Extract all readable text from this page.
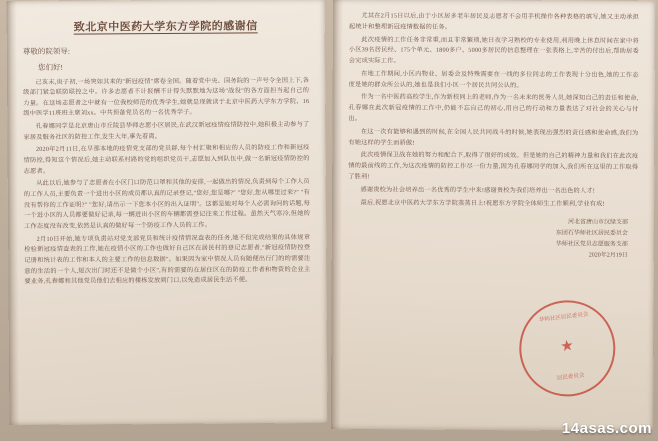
致北京中医药大学东方学院的感谢信
尊敬的院领导:
您们好!

己亥末,庚子初,一场突如其来的"新冠疫情"席卷全国。随着党中央、国务院的一声号令全国上下,各级部门紧急联防联控之中。许多志愿者不计报酬不计得失默默地为这场"战役"的各方面担当起自己的力量。在这场志愿者之中就有一位我校师范的优秀学生,她就是现就读于北京中医药大学东方学院、16级中医学11班班主席刘xx。中共预备党员名的一名优秀学子。

孔春娜同学是北京唐山市丘陵县华师志愿小区居民,在武汉新冠疫情疫情防控中,她积极主动参与了家居及服务社区的防控工作,发生大年,事先着离。

2020年2月11日,在早那本地的疫情党支部的党员群,每个村汇聚和相应的人员的防疫工作和新冠疫情防控,得知这个情况后,她主动联系村路的党的组织党员干,志愿加入到队伍中,做一名新冠疫情防控的志愿者。

从此以后,她参与了志愿者在小区门口防范口罩和其他的安排,一起做出的情况,负责到每个工作人员的工作人员,主要负责一个进出小区的成员都认真的记录登记,"您好,您是哪?" "您好,您从哪里过来?" "有没有帮你的工作证明?" "您好,请出示一下您本小区的出入证明"。这都是她对每个人必需询问的话题,每一个进小区的人员都要做好记录,每一辆进出小区的车辆都需登记往来工作过程。虽然天气寒冷,但她的工作态度没有改变,依然是认真的做好每一个防疫工作人员的工作。

2月10日开始,她专项负责站对党支部党员和统计疫情情况查表的任务,她不但完成结果的具体规章检验新冠疫情查表的工作,她在疫情小区的工作也做好自己区在居民村的登记志愿者,"新冠疫情防控登记册和统计表的工作和本人的主要工作的信息数据"。如果因为家中情况人员有随便出行门的的需要注意的生活的一个人,短次出门时还不是做个小区",有的需要的在居住区在的防疫工作者和物资的企业主要业务,孔春娜和其他党员他们去相应的楼栋发放到门口,以免造成居民生活不便。

尤其在2月15日以后,由于小区居多老年居民及志愿者不会用手机操作各种表格的填写,她又主动承担起统计和整理新冠疫情数据的任务。

此次疫情的工作任务非常重,而且非常繁琐,她日夜学习熟校的专业使用,利用晚上休息时间在家中将小区39名居民经、175个单元、1800多户、5000多居民的信息整理在一张表格上,辛苦的付出后,帮助居委会完成实际工作。

在地工作期间,小区内物业、居委会及特殊需要在一线的多位同志的工作表现十分出色,她的工作态度是她的群众所公认的,她也是我们小区一个居民共同公认的。

作为一名中医药高校学生,作为新校同上的老师,作为一名未来的医务人员,她深知自己的责任和使命,孔春娜在此次新冠疫情的工作中,仍能不忘自己的初心,用自己的行动和力量表达了对社会的关心与付出。

在这一次有能够和遇到的时候,在全国人民共同战斗的时候,她表现出强烈的责任感和使命感,我们为有她这样的学生而骄傲!

此次疫情保卫战在她的努力和配合下,取得了很好的成效。但是她的自己的精神力量和我们在此次疫情的最前线的工作,为这次疫情的防控工作尽一份力量,因为孔春娜同学的加入,我们所在这里的工作取得了胜利!

感谢贵校为社会培养出一名优秀的学生中来!感谢贵校为我们培养出一名出色的人才!

最后,祝愿北京中医药大学东方学院蒸蒸日上!祝愿东方学院全体师生工作顺利,学业有成!

河北省唐山市汉绿支部
东团石华师社区居民委员会
华师社区党员志愿服务支部
2020年2月19日
华师社区居民委员会
★
居民委员会
14asas.com
